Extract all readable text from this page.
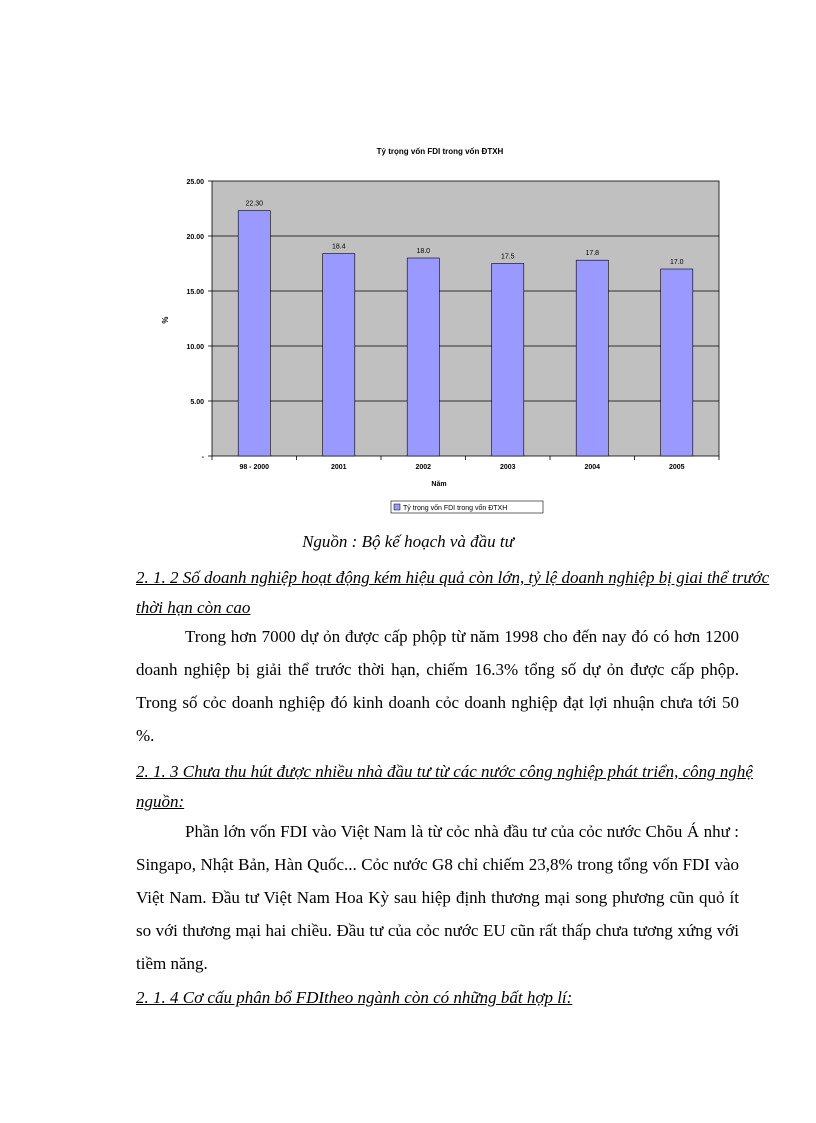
Tỷ trọng vốn FDI trong vốn ĐTXH
-
5.00
10.00
15.00
20.00
25.00
22.30
98 - 2000
18.4
2001
18.0
2002
17.5
2003
17.8
2004
17.0
2005
%
Năm
Tỷ trọng vốn FDI trong vốn ĐTXH
Nguồn : Bộ kế hoạch và đầu tư
2. 1. 2 Số doanh nghiệp hoạt động kém hiệu quả còn lớn, tỷ lệ doanh nghiệp bị giai thể trước thời hạn còn cao

Trong hơn 7000 dự ỏn được cấp phộp từ năm 1998 cho đến nay đó có hơn 1200 doanh nghiệp bị giải thể trước thời hạn, chiếm 16.3% tổng số dự ỏn được cấp phộp. Trong số cỏc doanh nghiệp đó kinh doanh cỏc doanh nghiệp đạt lợi nhuận chưa tới 50 %.

2. 1. 3 Chưa thu hút được nhiều nhà đầu tư từ các nước công nghiệp phát triển, công nghệ nguồn:

Phần lớn vốn FDI vào Việt Nam là từ cỏc nhà đầu tư của cỏc nước Chõu Á như : Singapo, Nhật Bản, Hàn Quốc... Cỏc nước G8 chỉ chiếm 23,8% trong tổng vốn FDI vào Việt Nam. Đầu tư Việt Nam Hoa Kỳ sau hiệp định thương mại song phương cũn quỏ ít so với thương mại hai chiều. Đầu tư của cỏc nước EU cũn rất thấp chưa tương xứng với tiềm năng.

2. 1. 4 Cơ cấu phân bổ FDItheo ngành còn có những bất hợp lí:
